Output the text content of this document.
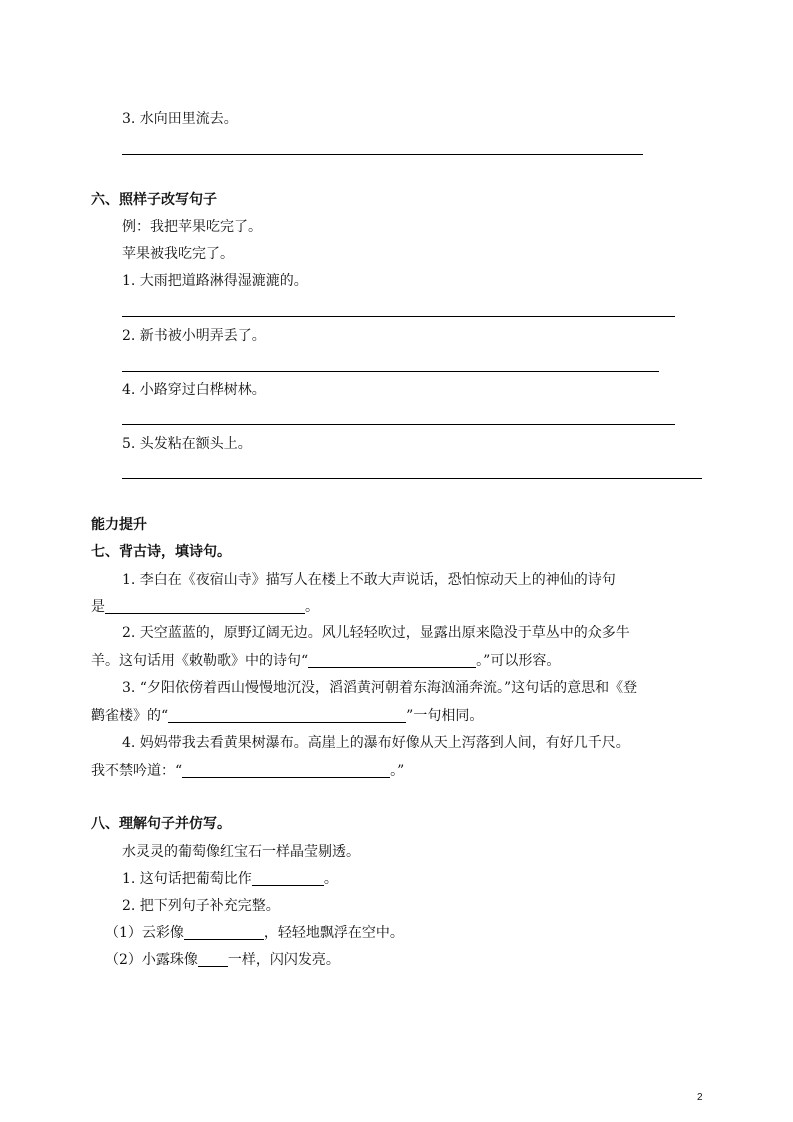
3. 水向田里流去。
六、照样子改写句子
例：我把苹果吃完了。
苹果被我吃完了。
1. 大雨把道路淋得湿漉漉的。
2. 新书被小明弄丢了。
4. 小路穿过白桦树林。
5. 头发粘在额头上。
能力提升
七、背古诗，填诗句。
1. 李白在《夜宿山寺》描写人在楼上不敢大声说话，恐怕惊动天上的神仙的诗句
是	。
2. 天空蓝蓝的，原野辽阔无边。风儿轻轻吹过，显露出原来隐没于草丛中的众多牛
羊。这句话用《敕勒歌》中的诗句“	。”可以形容。
3. “夕阳依傍着西山慢慢地沉没，滔滔黄河朝着东海汹涌奔流。”这句话的意思和《登
鹳雀楼》的“	”一句相同。
4. 妈妈带我去看黄果树瀑布。高崖上的瀑布好像从天上泻落到人间，有好几千尺。
我不禁吟道：“	。”
八、理解句子并仿写。
水灵灵的葡萄像红宝石一样晶莹剔透。
1. 这句话把葡萄比作	。
2. 把下列句子补充完整。
（1）云彩像	，轻轻地飘浮在空中。
（2）小露珠像 一样，闪闪发亮。
2
